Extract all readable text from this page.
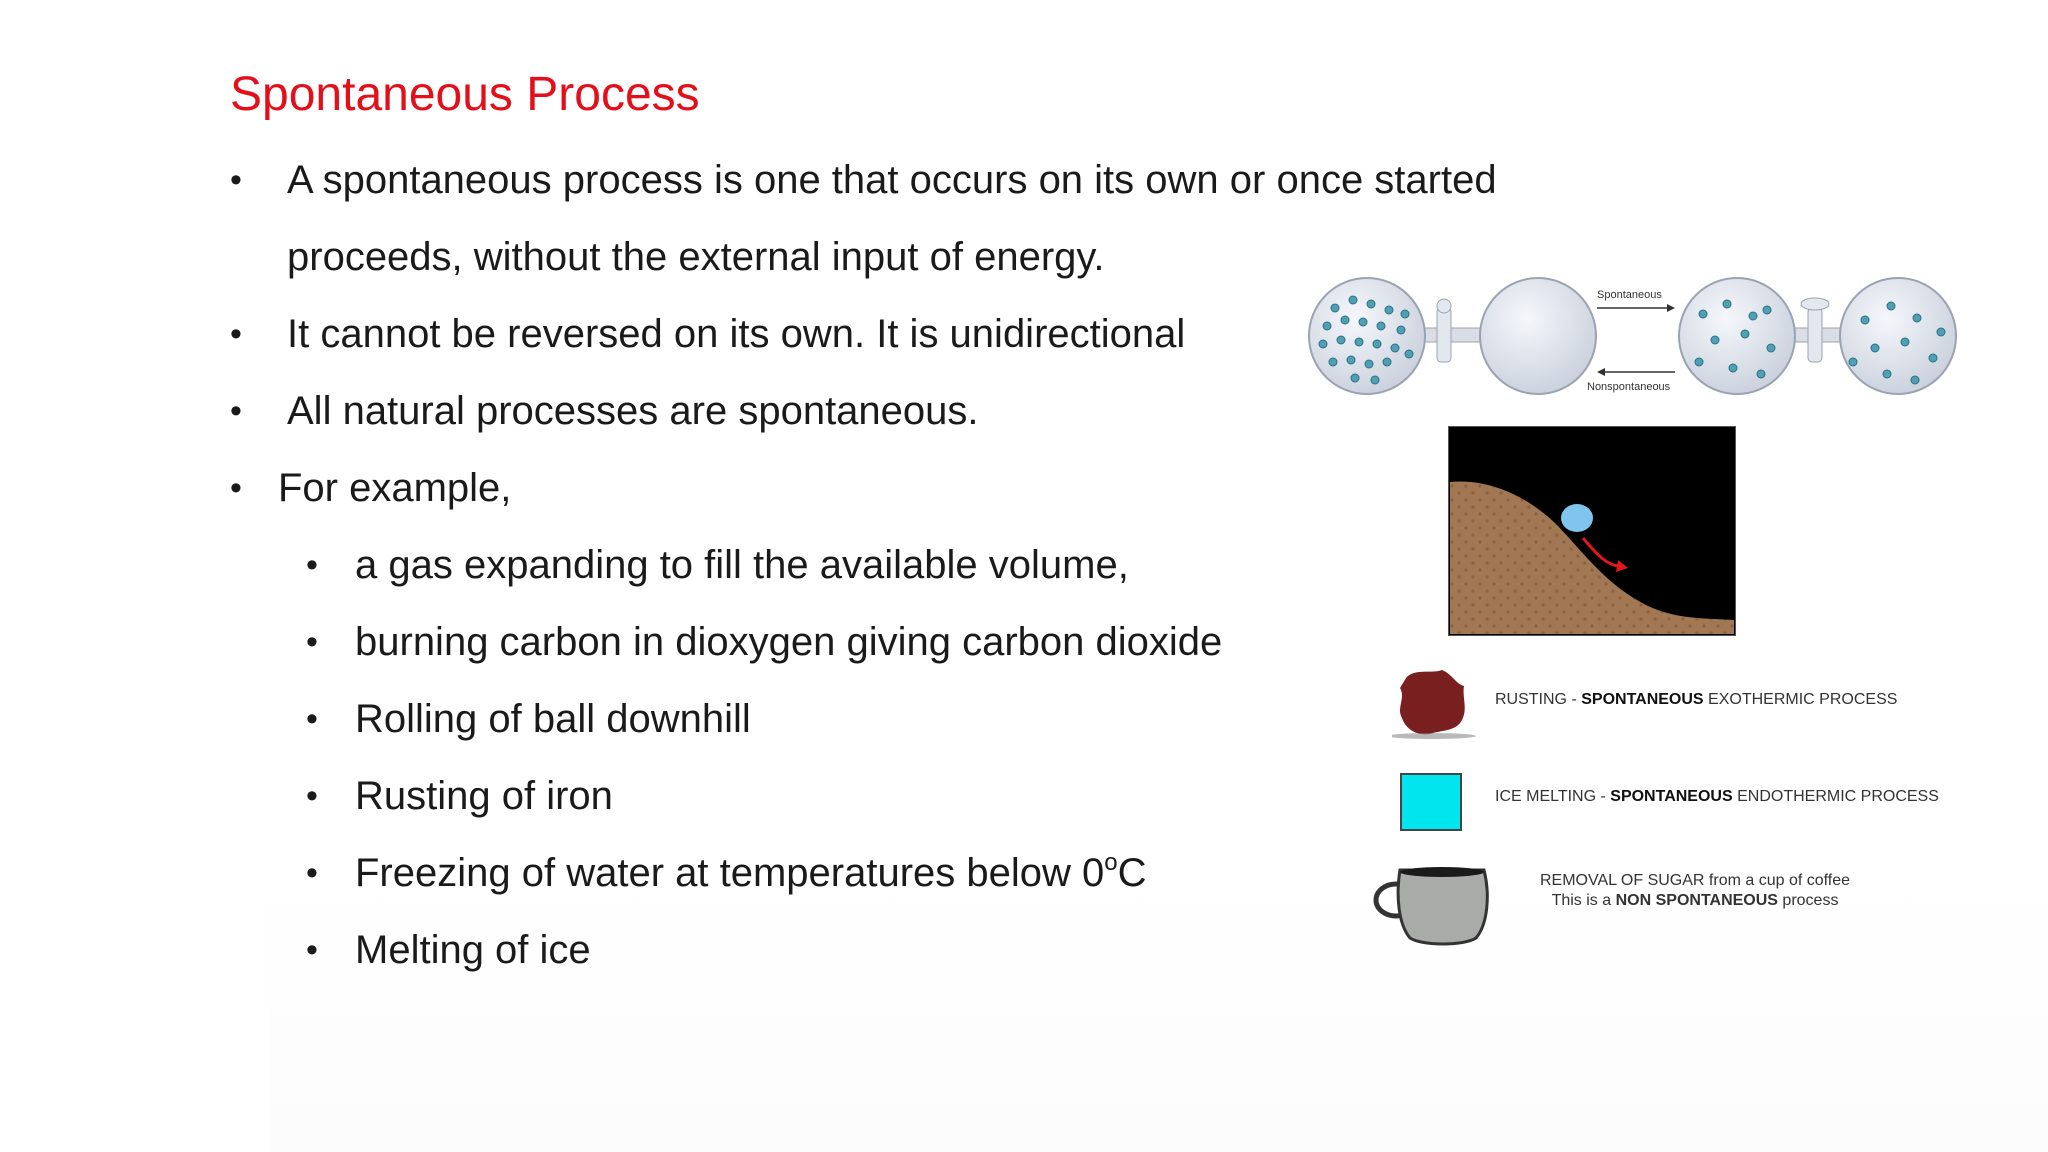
Spontaneous Process
• A spontaneous process is one that occurs on its own or once started
proceeds, without the external input of energy.
• It cannot be reversed on its own. It is unidirectional
• All natural processes are spontaneous.
• For example,
• a gas expanding to fill the available volume,
• burning carbon in dioxygen giving carbon dioxide
• Rolling of ball downhill
• Rusting of iron
• Freezing of water at temperatures below 0$^o$C
• Melting of ice
Spontaneous
Nonspontaneous
RUSTING - SPONTANEOUS EXOTHERMIC PROCESS
ICE MELTING - SPONTANEOUS ENDOTHERMIC PROCESS
REMOVAL OF SUGAR from a cup of coffee
This is a NON SPONTANEOUS process
